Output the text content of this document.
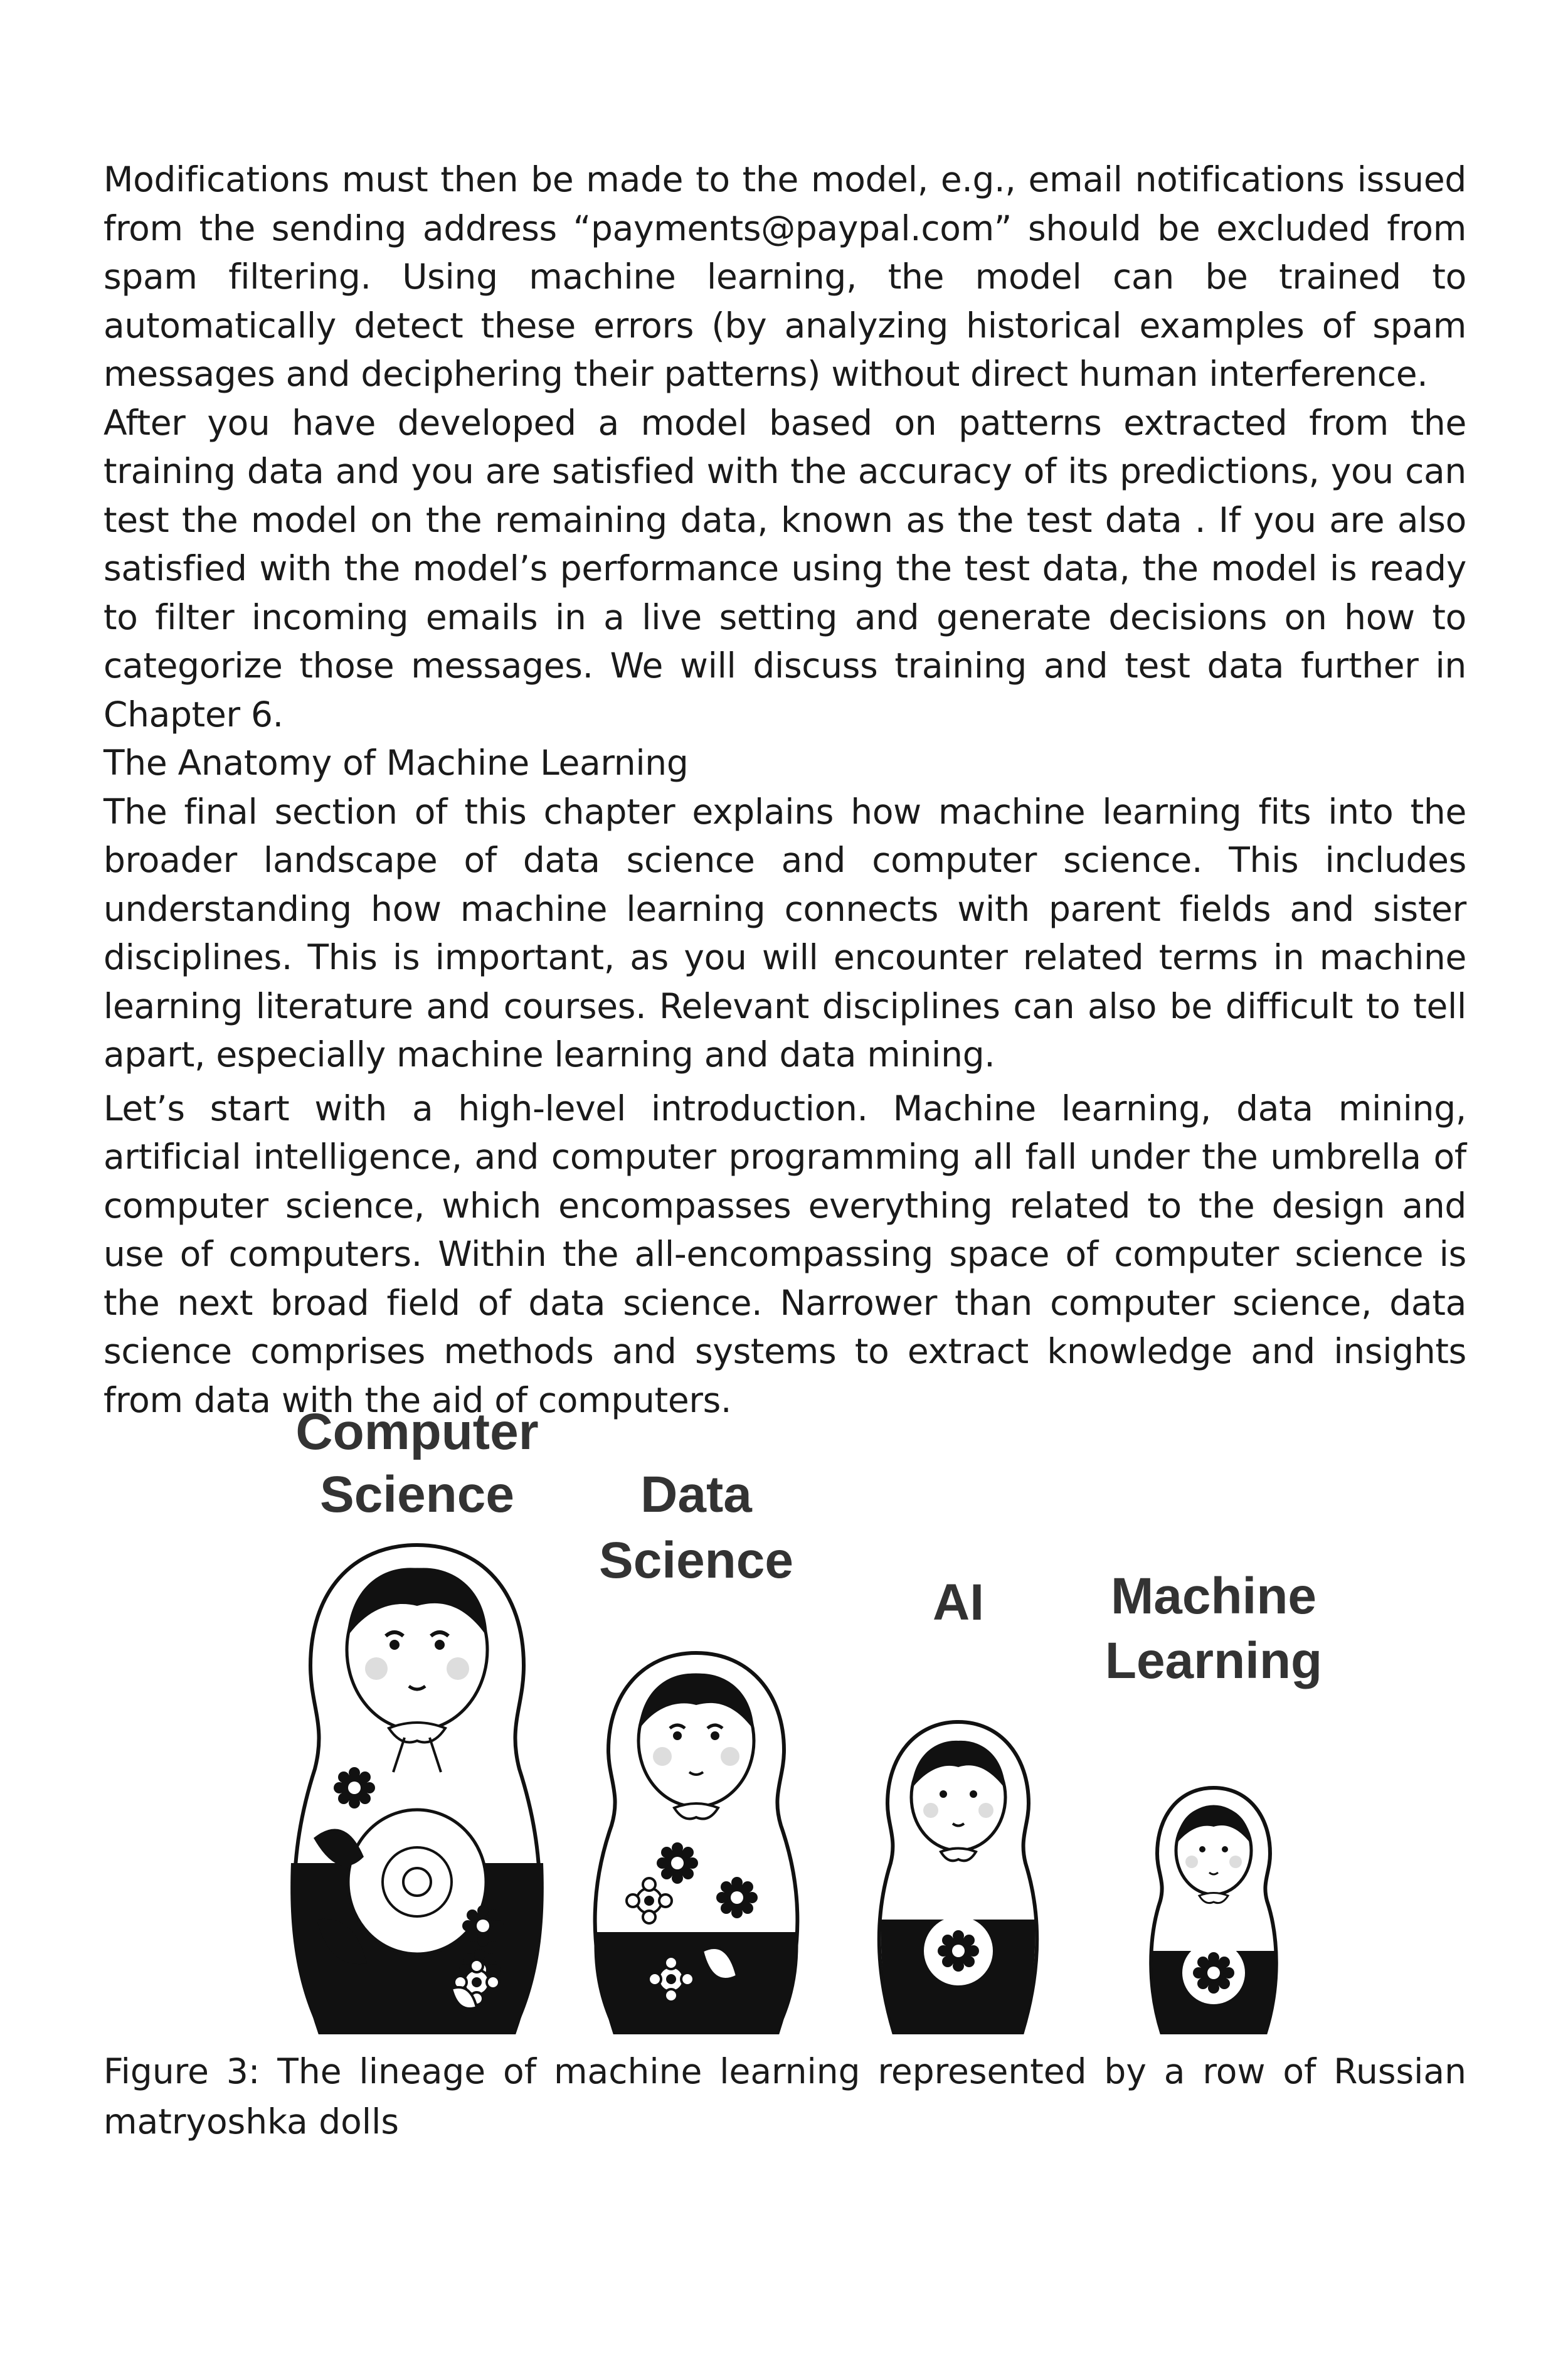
Modifications must then be made to the model, e.g., email notifications issued from the sending address “payments@paypal.com” should be excluded from spam filtering. Using machine learning, the model can be trained to automatically detect these errors (by analyzing historical examples of spam messages and deciphering their patterns) without direct human interference.

After you have developed a model based on patterns extracted from the training data and you are satisfied with the accuracy of its predictions, you can test the model on the remaining data, known as the test data . If you are also satisfied with the model’s performance using the test data, the model is ready to filter incoming emails in a live setting and generate decisions on how to categorize those messages. We will discuss training and test data further in Chapter 6.

The Anatomy of Machine Learning

The final section of this chapter explains how machine learning fits into the broader landscape of data science and computer science. This includes understanding how machine learning connects with parent fields and sister disciplines. This is important, as you will encounter related terms in machine learning literature and courses. Relevant disciplines can also be difficult to tell apart, especially machine learning and data mining.

Let’s start with a high-level introduction. Machine learning, data mining, artificial intelligence, and computer programming all fall under the umbrella of computer science, which encompasses everything related to the design and use of computers. Within the all-encompassing space of computer science is the next broad field of data science. Narrower than computer science, data science comprises methods and systems to extract knowledge and insights from data with the aid of computers.

Computer
Science Data
Science
AI Machine
Learning
Figure 3: The lineage of machine learning represented by a row of Russian matryoshka dolls
